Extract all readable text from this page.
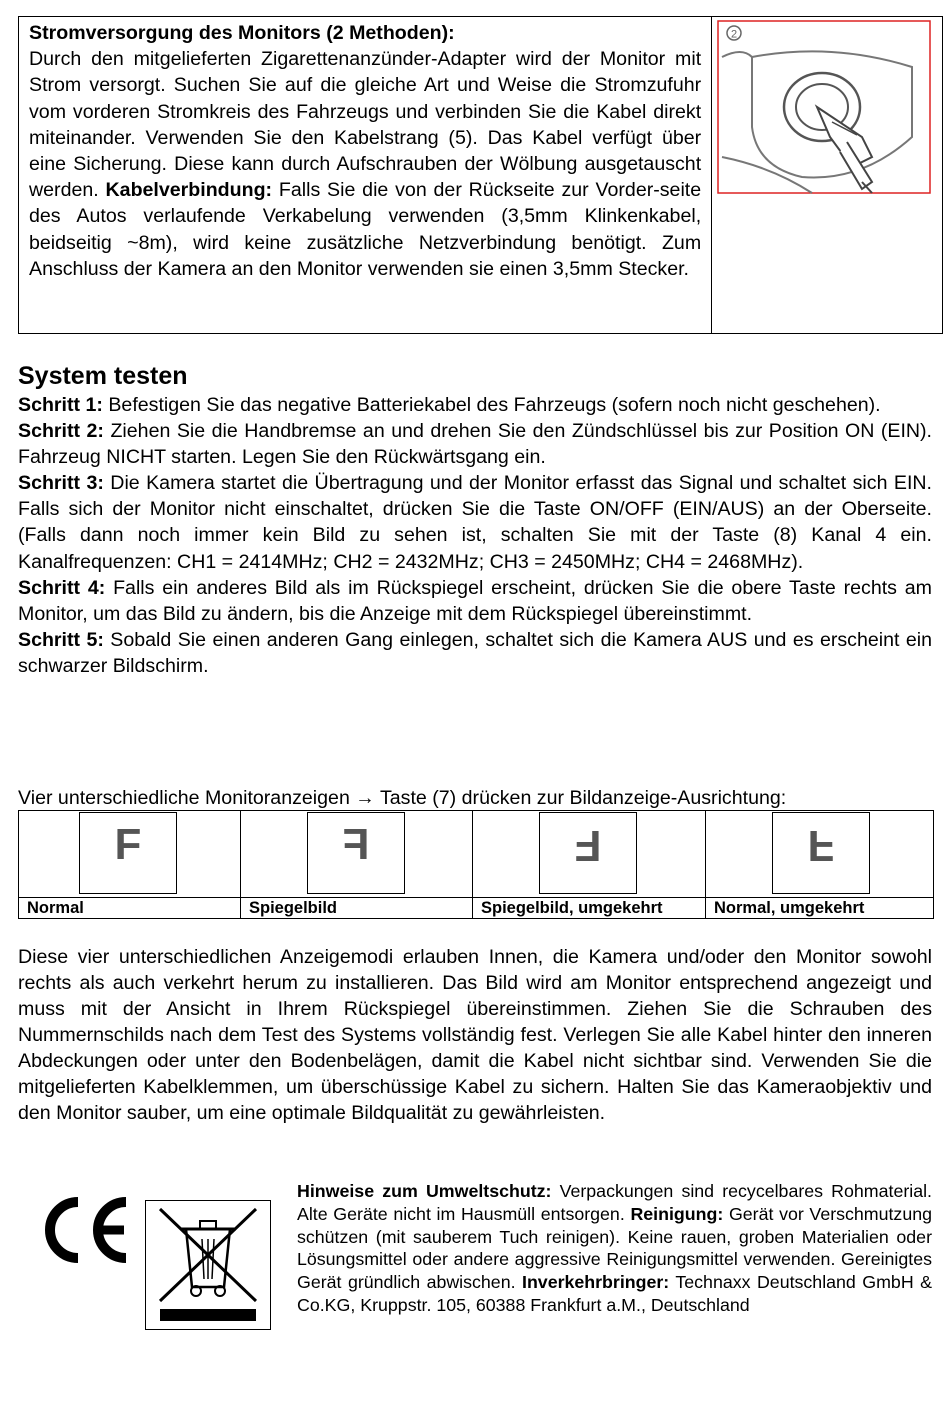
Stromversorgung des Monitors (2 Methoden):
Durch den mitgelieferten Zigarettenanzünder-Adapter wird der Monitor mit Strom versorgt. Suchen Sie auf die gleiche Art und Weise die Stromzufuhr vom vorderen Stromkreis des Fahrzeugs und verbinden Sie die Kabel direkt miteinander. Verwenden Sie den Kabelstrang (5). Das Kabel verfügt über eine Sicherung. Diese kann durch Aufschrauben der Wölbung ausgetauscht werden. Kabelverbindung: Falls Sie die von der Rückseite zur Vorder-seite des Autos verlaufende Verkabelung verwenden (3,5mm Klinkenkabel, beidseitig ~8m), wird keine zusätzliche Netzverbindung benötigt. Zum Anschluss der Kamera an den Monitor verwenden sie einen 3,5mm Stecker.

2
System testen
Schritt 1: Befestigen Sie das negative Batteriekabel des Fahrzeugs (sofern noch nicht geschehen).
Schritt 2: Ziehen Sie die Handbremse an und drehen Sie den Zündschlüssel bis zur Position ON (EIN). Fahrzeug NICHT starten. Legen Sie den Rückwärtsgang ein.
Schritt 3: Die Kamera startet die Übertragung und der Monitor erfasst das Signal und schaltet sich EIN. Falls sich der Monitor nicht einschaltet, drücken Sie die Taste ON/OFF (EIN/AUS) an der Oberseite. (Falls dann noch immer kein Bild zu sehen ist, schalten Sie mit der Taste (8) Kanal 4 ein. Kanalfrequenzen: CH1 = 2414MHz; CH2 = 2432MHz; CH3 = 2450MHz; CH4 = 2468MHz).
Schritt 4: Falls ein anderes Bild als im Rückspiegel erscheint, drücken Sie die obere Taste rechts am Monitor, um das Bild zu ändern, bis die Anzeige mit dem Rückspiegel übereinstimmt.
Schritt 5: Sobald Sie einen anderen Gang einlegen, schaltet sich die Kamera AUS und es erscheint ein schwarzer Bildschirm.
Vier unterschiedliche Monitoranzeigen → Taste (7) drücken zur Bildanzeige-Ausrichtung:
F	F	F	F

Normal	Spiegelbild	Spiegelbild, umgekehrt	Normal, umgekehrt
Diese vier unterschiedlichen Anzeigemodi erlauben Innen, die Kamera und/oder den Monitor sowohl rechts als auch verkehrt herum zu installieren. Das Bild wird am Monitor entsprechend angezeigt und muss mit der Ansicht in Ihrem Rückspiegel übereinstimmen. Ziehen Sie die Schrauben des Nummernschilds nach dem Test des Systems vollständig fest. Verlegen Sie alle Kabel hinter den inneren Abdeckungen oder unter den Bodenbelägen, damit die Kabel nicht sichtbar sind. Verwenden Sie die mitgelieferten Kabelklemmen, um überschüssige Kabel zu sichern. Halten Sie das Kameraobjektiv und den Monitor sauber, um eine optimale Bildqualität zu gewährleisten.
Hinweise zum Umweltschutz: Verpackungen sind recycelbares Rohmaterial. Alte Geräte nicht im Hausmüll entsorgen. Reinigung: Gerät vor Verschmutzung schützen (mit sauberem Tuch reinigen). Keine rauen, groben Materialien oder Lösungsmittel oder andere aggressive Reinigungsmittel verwenden. Gereinigtes Gerät gründlich abwischen. Inverkehrbringer: Technaxx Deutschland GmbH & Co.KG, Kruppstr. 105, 60388 Frankfurt a.M., Deutschland
